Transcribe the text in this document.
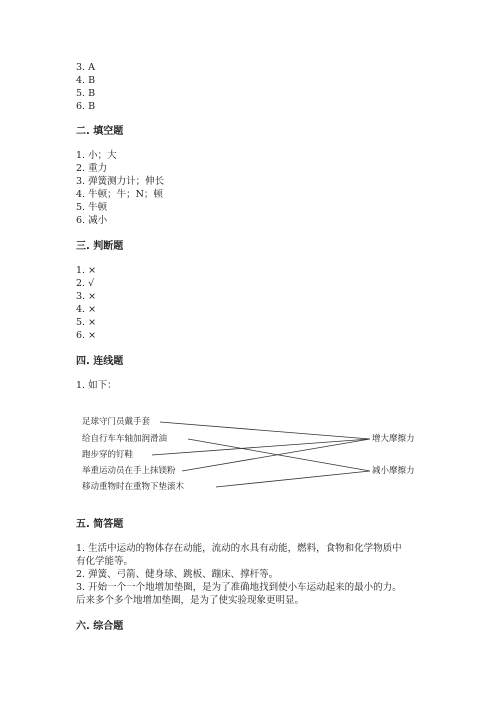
3. A
4. B
5. B
6. B
二. 填空题
1. 小；大
2. 重力
3. 弹簧测力计；伸长
4. 牛顿；牛；N；顿
5. 牛顿
6. 减小
三. 判断题
1. ×
2. √
3. ×
4. ×
5. ×
6. ×
四. 连线题
1. 如下：
足球守门员戴手套
给自行车车轴加润滑油
跑步穿的钉鞋
举重运动员在手上抹镁粉
移动重物时在重物下垫滚木
增大摩擦力
减小摩擦力
五. 简答题
1. 生活中运动的物体存在动能，流动的水具有动能，燃料，食物和化学物质中
有化学能等。
2. 弹簧、弓箭、健身球、跳板、蹦床、撑杆等。
3. 开始一个一个地增加垫圈，是为了准确地找到使小车运动起来的最小的力。
后来多个多个地增加垫圈，是为了使实验现象更明显。
六. 综合题
